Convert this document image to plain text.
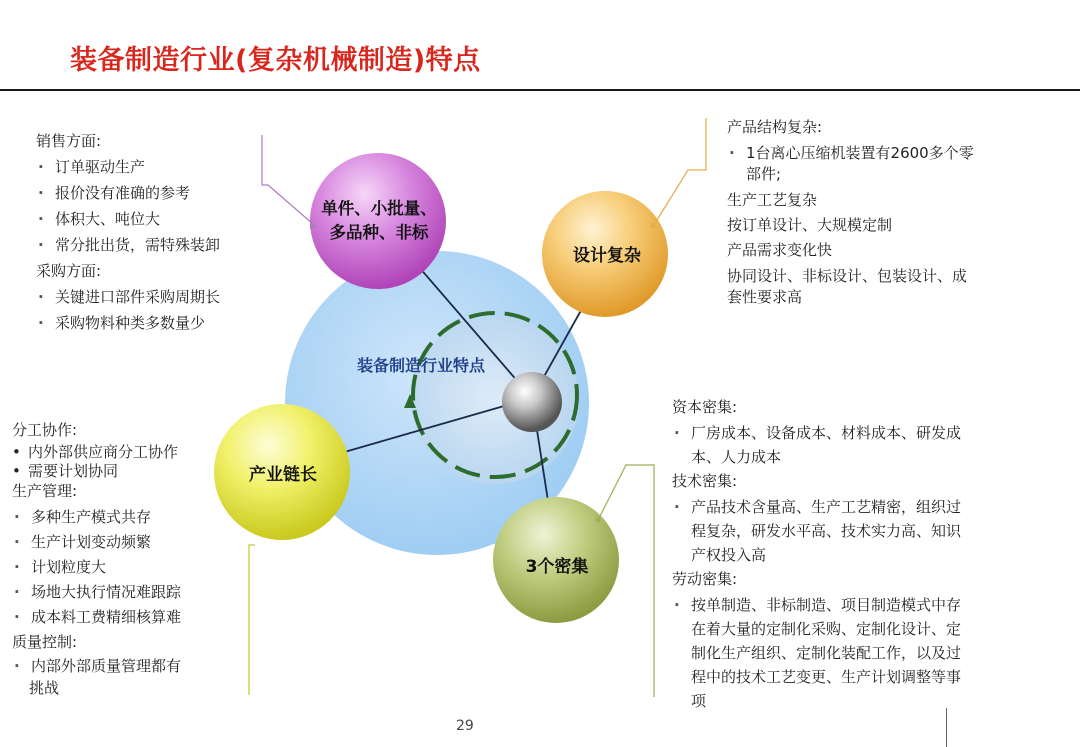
装备制造行业(复杂机械制造)特点
单件、小批量、
多品种、非标
设计复杂
产业链长
3个密集
装备制造行业特点
销售方面:
· 订单驱动生产
· 报价没有准确的参考
· 体积大、吨位大
· 常分批出货，需特殊装卸
采购方面:
· 关键进口部件采购周期长
· 采购物料种类多数量少
分工协作:
• 内外部供应商分工协作
• 需要计划协同
生产管理:
· 多种生产模式共存
· 生产计划变动频繁
· 计划粒度大
· 场地大执行情况难跟踪
· 成本料工费精细核算难
质量控制:
· 内部外部质量管理都有
挑战
产品结构复杂:
· 1台离心压缩机装置有2600多个零
部件;
生产工艺复杂
按订单设计、大规模定制
产品需求变化快
协同设计、非标设计、包装设计、成
套性要求高
资本密集:
· 厂房成本、设备成本、材料成本、研发成
本、人力成本
技术密集:
· 产品技术含量高、生产工艺精密，组织过
程复杂，研发水平高、技术实力高、知识
产权投入高
劳动密集:
· 按单制造、非标制造、项目制造模式中存
在着大量的定制化采购、定制化设计、定
制化生产组织、定制化装配工作，以及过
程中的技术工艺变更、生产计划调整等事
项
29
